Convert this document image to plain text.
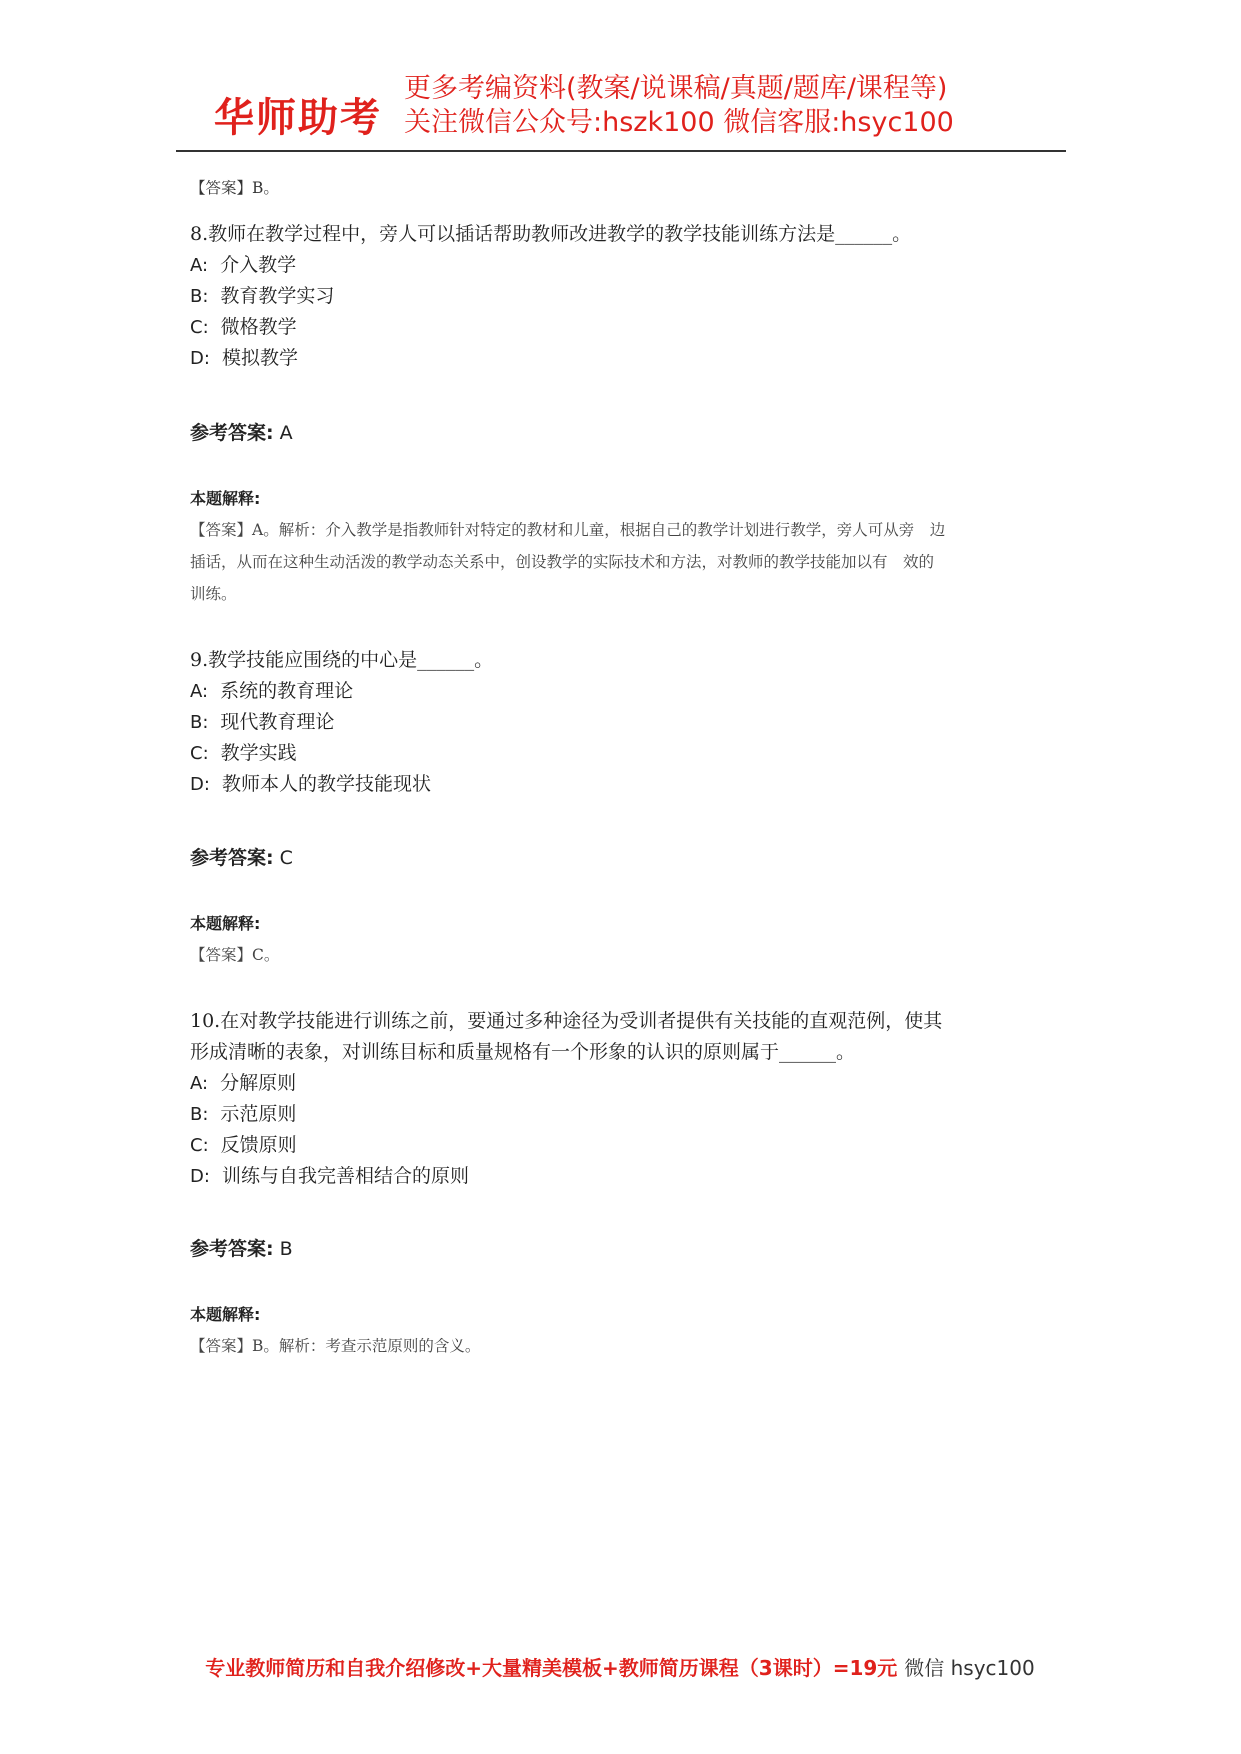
华师助考
更多考编资料(教案/说课稿/真题/题库/课程等)
关注微信公众号:hszk100 微信客服:hsyc100
【答案】B。
8.教师在教学过程中，旁人可以插话帮助教师改进教学的教学技能训练方法是______。
A: 介入教学
B: 教育教学实习
C: 微格教学
D: 模拟教学
参考答案: A
本题解释:
【答案】A。解析：介入教学是指教师针对特定的教材和儿童，根据自己的教学计划进行教学，旁人可从旁　边
插话，从而在这种生动活泼的教学动态关系中，创设教学的实际技术和方法，对教师的教学技能加以有　效的
训练。
9.教学技能应围绕的中心是______。
A: 系统的教育理论
B: 现代教育理论
C: 教学实践
D: 教师本人的教学技能现状
参考答案: C
本题解释:
【答案】C。
10.在对教学技能进行训练之前，要通过多种途径为受训者提供有关技能的直观范例，使其
形成清晰的表象，对训练目标和质量规格有一个形象的认识的原则属于______。
A: 分解原则
B: 示范原则
C: 反馈原则
D: 训练与自我完善相结合的原则
参考答案: B
本题解释:
【答案】B。解析：考查示范原则的含义。
专业教师简历和自我介绍修改+大量精美模板+教师简历课程（3课时）=19元 微信 hsyc100
